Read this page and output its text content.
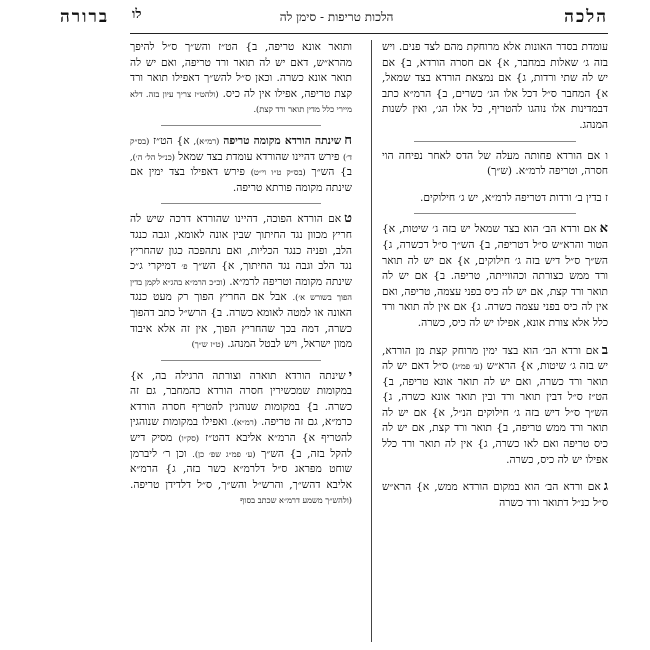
הלכה
הלכות טריפות - סימן לה
ברורה לו

עומדת בסדר האונות אלא מרוחקת מהם לצד פנים. ויש בזה ג׳ שאלות במחבר, א} אם חסרה הורדא, ב} אם יש לה שתי ורדות, ג} אם נמצאת הורדא בצד שמאל, א} המחבר ס״ל דכל אלו הג׳ כשרים, ב} הרמ״א כתב דבמדינות אלו נוהגו להטריף, כל אלו הג׳, ואין לשנות המנהג.

ו אם הורדא פחותה מעלה של הדס לאחר נפיחה הוי חסרה, וטריפה לרמ״א. (ש״ך)

ז בדין ב׳ ורדות דטריפה לרמ״א, יש ג׳ חילוקים.

אאם ורדא הב׳ הוא בצד שמאל יש בזה ג׳ שיטות, א} הטור והרא״ש ס״ל דטריפה, ב} הש״ך ס״ל דכשרה, ג} הש״ך ס״ל דיש בזה ג׳ חילוקים, א} אם יש לה תואר ורד ממש כצורתה וכהווייתה, טריפה. ב} אם יש לה תואר ורד קצת, אם יש לה כיס בפני עצמה, טריפה, ואם אין לה כיס בפני עצמה כשרה. ג} אם אין לה תואר ורד כלל אלא צורת אונא, אפילו יש לה כיס, כשרה.

באם ורדא הב׳ הוא בצד ימין מרוחק קצת מן הורדא, יש בזה ג׳ שיטות, א} הרא״ש (ע׳ פמ״ג) ס״ל דאם יש לה תואר ורד כשרה, ואם יש לה תואר אונא טריפה, ב} הט״ז ס״ל דבין תואר ורד ובין תואר אונא כשרה, ג} הש״ך ס״ל דיש בזה ג׳ חילוקים הנ״ל, א} אם יש לה תואר ורד ממש טריפה, ב} תואר ורד קצת, אם יש לה כיס טריפה ואם לאו כשרה, ג} אין לה תואר ורד כלל אפילו יש לה כיס, כשרה.

גאם ורדא הב׳ הוא במקום הורדא ממש, א} הרא״ש ס״ל כנ״ל דתואר ורד כשרה

ותואר אונא טריפה, ב} הט״ז והש״ך ס״ל להיפך מהרא״ש, דאם יש לה תואר ורד טריפה, ואם יש לה תואר אונא כשרה. וכאן ס״ל להש״ך דאפילו תואר ורד קצת טריפה, אפילו אין לה כיס. (ולהט״ז צריך עיון בזה. דלא מיירי כלל מדין תואר ורד קצת).

חשינתה הורדא מקומה טריפה (רמ״א), א} הט״ז (בס״ק ד׳) פירש דהיינו שהורדא עומדת בצד שמאל (כנ״ל הל׳ ה׳), ב} הש״ך (בס״ק ט״ו וי״ט) פירש דאפילו בצד ימין אם שינתה מקומה פורתא טריפה.

טאם הורדא הפוכה, דהיינו שהורדא דרכה שיש לה חריץ מכוון נגד החיתוך שבין אונה לאומא, וגבה כנגד הלב, ופניה כנגד הכליות, ואם נתהפכה כגון שהחריץ נגד הלב וגבה נגד החיתוך, א} הש״ך פ׳ דמיקרי ג״כ שינתה מקומה וטריפה לרמ״א. (וכ״כ הרמ״א בהג״א לקמן בדין הפוך בשורש א׳). אבל אם החריץ הפוך רק מעט כנגד האונה או למטה לאומא כשרה. ב} הרש״ל כתב דהפוך כשרה, דמה בכך שהחריץ הפוך, אין זה אלא איבוד ממון ישראל, ויש לבטל המנהג. (ט״ז ש״ך)

ישינתה הורדא תוארה וצורתה הרגילה בה, א} במקומות שמכשירין חסרה הורדא כהמחבר, גם זה כשרה. ב} במקומות שנוהגין להטריף חסרה הורדא כרמ״א, גם זה טריפה. (רמ״א). ואפילו במקומות שנוהגין להטריף א} הרמ״א אליבא דהט״ז (סק״ו) מסיק דיש להקל בזה, ב} הש״ך (ע׳ פמ״ג שפ׳ כן). וכן ר׳ ליברמן שוחט מפראג ס״ל דלרמ״א כשר בזה, ג} הרמ״א אליבא דהש״ך, והרש״ל והש״ך, ס״ל דלדידן טריפה. (ולהש״ך משמע דרמ״א שכתב בסוף
